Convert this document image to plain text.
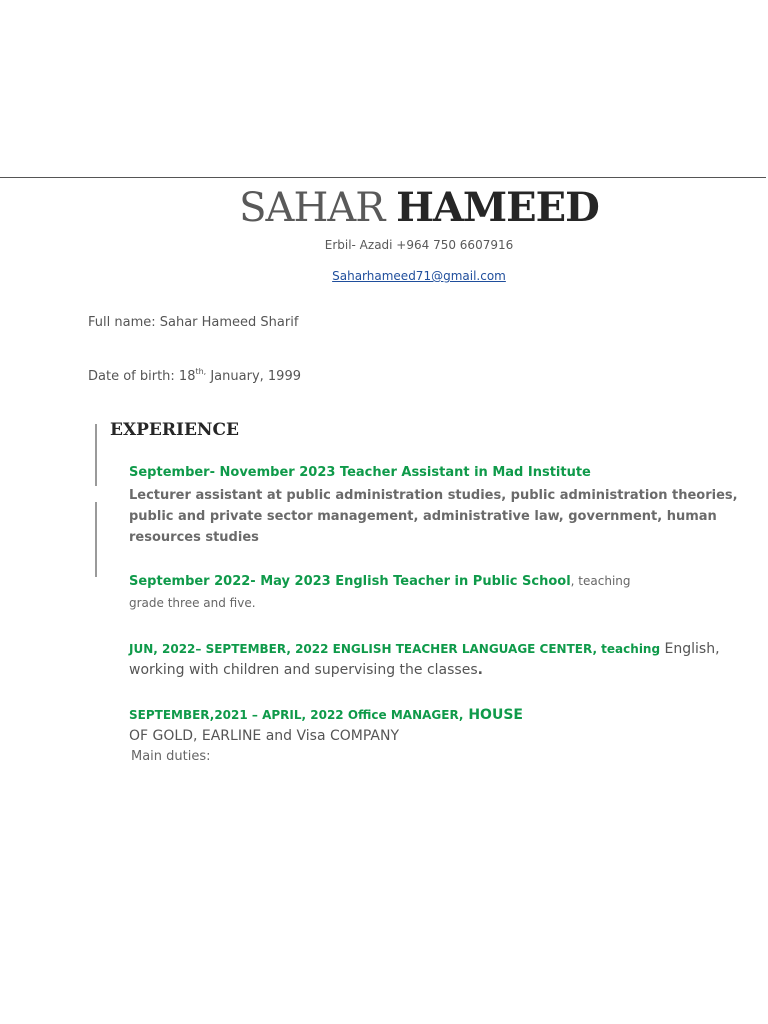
SAHAR HAMEED
Erbil- Azadi +964 750 6607916
Saharhameed71@gmail.com
Full name: Sahar Hameed Sharif
Date of birth: $18^{th,}$ January, 1999
EXPERIENCE
September- November 2023 Teacher Assistant in Mad Institute
Lecturer assistant at public administration studies, public administration theories,
public and private sector management, administrative law, government, human
resources studies
September 2022- May 2023 English Teacher in Public School, teaching
grade three and five.
JUN, 2022– SEPTEMBER, 2022 ENGLISH TEACHER LANGUAGE CENTER, teaching English,
working with children and supervising the classes.
SEPTEMBER,2021 – APRIL, 2022 Office MANAGER, HOUSE
OF GOLD, EARLINE and Visa COMPANY
Main duties:
